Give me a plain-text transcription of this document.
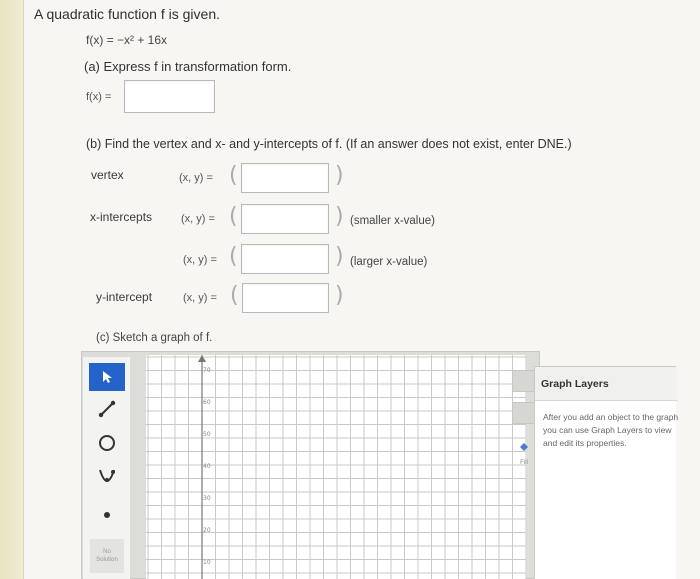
A quadratic function f is given.
f(x) = −x² + 16x
(a) Express f in transformation form.
f(x) =
(b) Find the vertex and x- and y-intercepts of f. (If an answer does not exist, enter DNE.)
vertex	(x, y) = (	)
x-intercepts	(x, y) = (	) (smaller x-value)
(x, y) = (	) (larger x-value)
y-intercept	(x, y) = (	)
(c) Sketch a graph of f.
No Solution
70
60
50
40
30
20
10
Fill
Graph Layers
After you add an object to the graph you can use Graph Layers to view and edit its properties.
